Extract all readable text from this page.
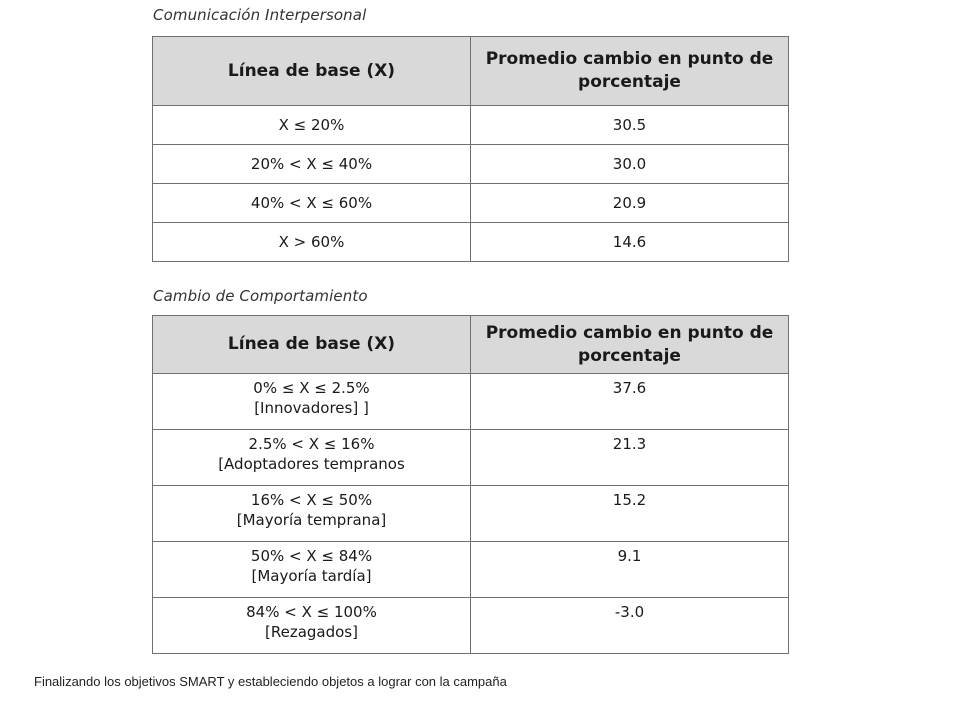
Comunicación Interpersonal
Línea de base (X)	Promedio cambio en punto de porcentaje
X ≤ 20%	30.5
20% < X ≤ 40%	30.0
40% < X ≤ 60%	20.9
X > 60%	14.6
Cambio de Comportamiento
Línea de base (X)	Promedio cambio en punto de porcentaje

0% ≤ X ≤ 2.5%
[Innovadores] ]	37.6

2.5% < X ≤ 16%
[Adoptadores tempranos	21.3

16% < X ≤ 50%
[Mayoría temprana]	15.2

50% < X ≤ 84%
[Mayoría tardía]	9.1

84% < X ≤ 100%
[Rezagados]	-3.0
Finalizando los objetivos SMART y estableciendo objetos a lograr con la campaña
